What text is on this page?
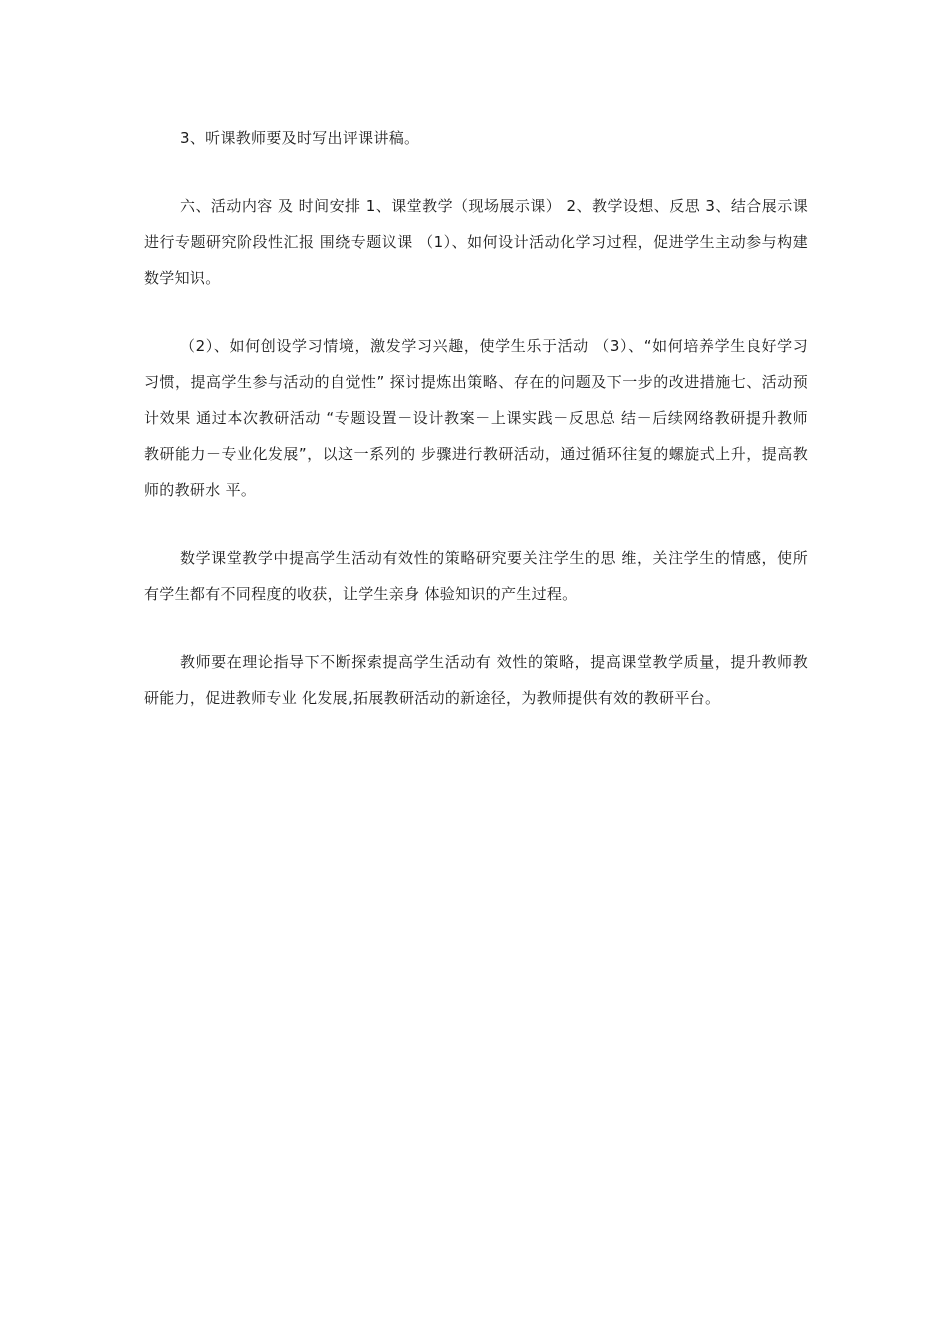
3、听课教师要及时写出评课讲稿。

六、活动内容 及 时间安排 1、课堂教学（现场展示课） 2、教学设想、反思 3、结合展示课进行专题研究阶段性汇报 围绕专题议课 （1）、如何设计活动化学习过程，促进学生主动参与构建数学知识。

（2）、如何创设学习情境，激发学习兴趣，使学生乐于活动 （3）、“如何培养学生良好学习习惯，提高学生参与活动的自觉性” 探讨提炼出策略、存在的问题及下一步的改进措施七、活动预计效果 通过本次教研活动 “专题设置－设计教案－上课实践－反思总 结－后续网络教研提升教师教研能力－专业化发展”，以这一系列的 步骤进行教研活动，通过循环往复的螺旋式上升，提高教师的教研水 平。

数学课堂教学中提高学生活动有效性的策略研究要关注学生的思 维，关注学生的情感，使所有学生都有不同程度的收获，让学生亲身 体验知识的产生过程。

教师要在理论指导下不断探索提高学生活动有 效性的策略，提高课堂教学质量，提升教师教研能力，促进教师专业 化发展,拓展教研活动的新途径，为教师提供有效的教研平台。
